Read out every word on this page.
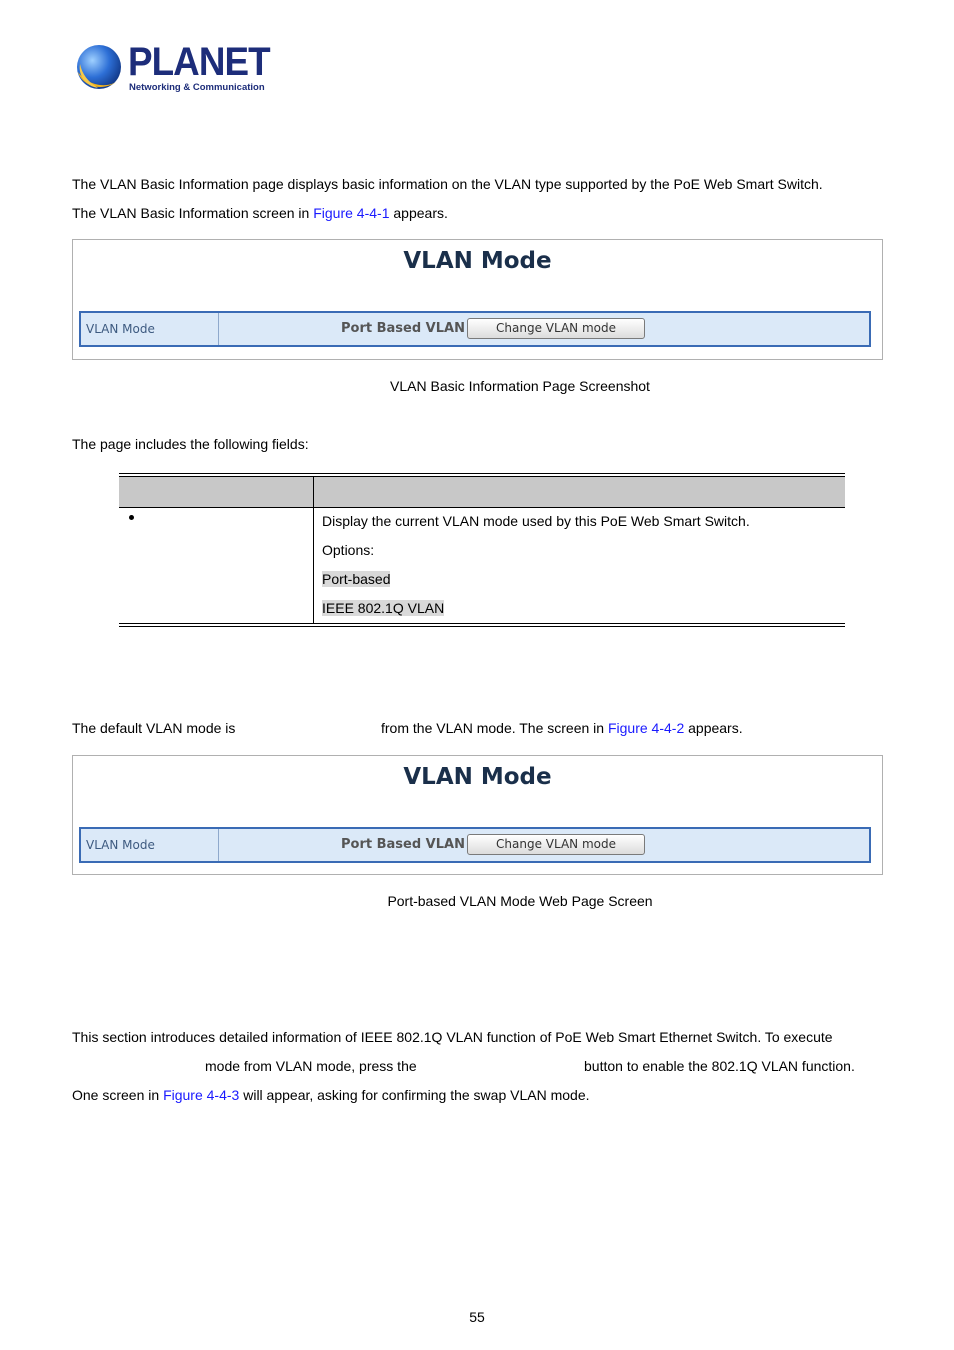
PLANET
Networking & Communication
The VLAN Basic Information page displays basic information on the VLAN type supported by the PoE Web Smart Switch.
The VLAN Basic Information screen in Figure 4-4-1 appears.
VLAN Mode
VLAN Mode	Port Based VLAN	Change VLAN mode
VLAN Basic Information Page Screenshot
The page includes the following fields:
Display the current VLAN mode used by this PoE Web Smart Switch.
Options:
Port-based
IEEE 802.1Q VLAN
The default VLAN mode is	from the VLAN mode. The screen in Figure 4-4-2 appears.
VLAN Mode
VLAN Mode	Port Based VLAN	Change VLAN mode
Port-based VLAN Mode Web Page Screen
This section introduces detailed information of IEEE 802.1Q VLAN function of PoE Web Smart Ethernet Switch. To execute
mode from VLAN mode, press the	button to enable the 802.1Q VLAN function.
One screen in Figure 4-4-3 will appear, asking for confirming the swap VLAN mode.
55
